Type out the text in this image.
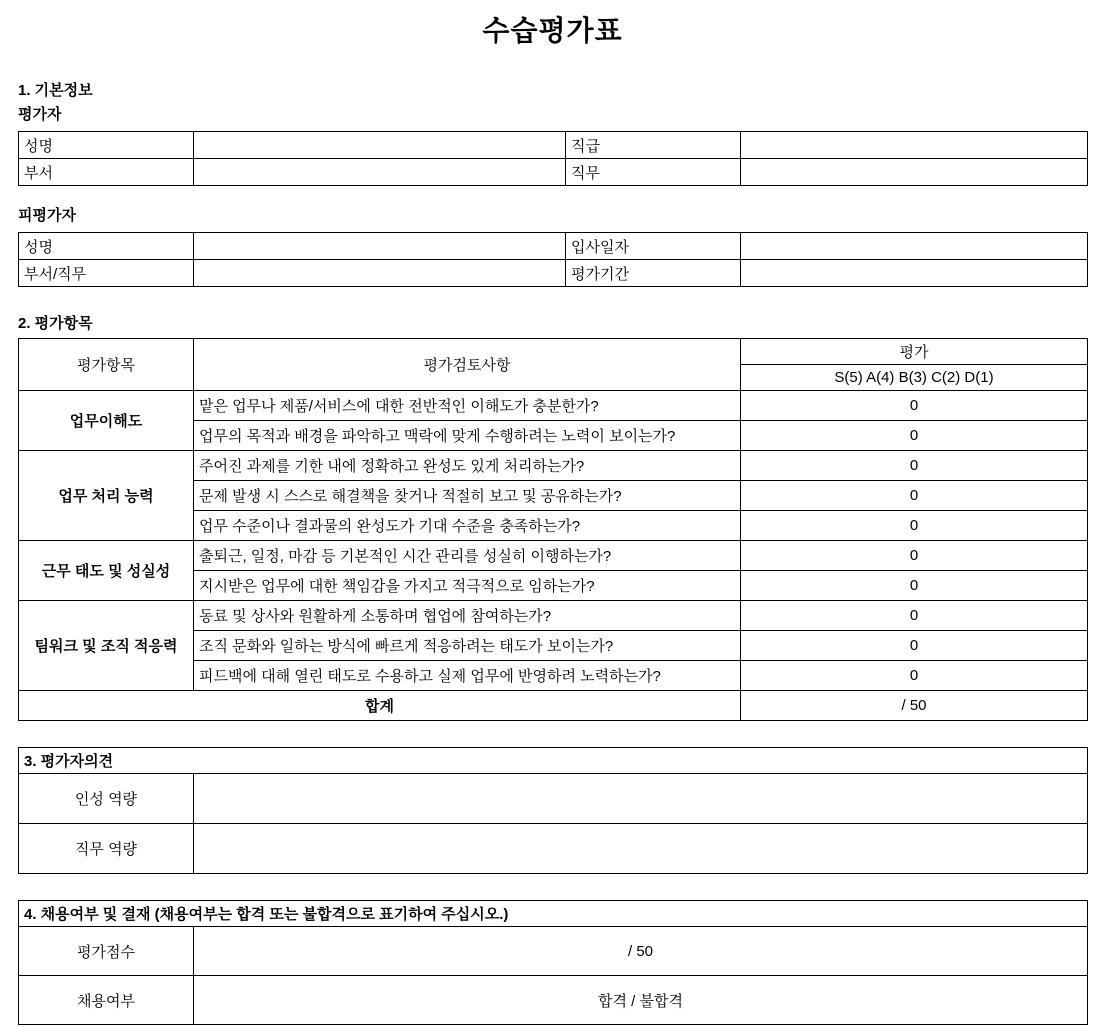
수습평가표
1. 기본정보
평가자
성명		직급	
부서		직무	
피평가자
성명		입사일자	
부서/직무		평가기간	
2. 평가항목
평가항목	평가검토사항	평가
		S(5) A(4) B(3) C(2) D(1)
업무이해도	맡은 업무나 제품/서비스에 대한 전반적인 이해도가 충분한가?	0
	업무의 목적과 배경을 파악하고 맥락에 맞게 수행하려는 노력이 보이는가?	0
업무 처리 능력	주어진 과제를 기한 내에 정확하고 완성도 있게 처리하는가?	0
	문제 발생 시 스스로 해결책을 찾거나 적절히 보고 및 공유하는가?	0
	업무 수준이나 결과물의 완성도가 기대 수준을 충족하는가?	0
근무 태도 및 성실성	출퇴근, 일정, 마감 등 기본적인 시간 관리를 성실히 이행하는가?	0
	지시받은 업무에 대한 책임감을 가지고 적극적으로 임하는가?	0
팀워크 및 조직 적응력	동료 및 상사와 원활하게 소통하며 협업에 참여하는가?	0
	조직 문화와 일하는 방식에 빠르게 적응하려는 태도가 보이는가?	0
	피드백에 대해 열린 태도로 수용하고 실제 업무에 반영하려 노력하는가?	0
합계		/ 50
3. 평가자의견	
인성 역량	
직무 역량	
4. 채용여부 및 결재 (채용여부는 합격 또는 불합격으로 표기하여 주십시오.)	
평가점수	/ 50
채용여부	합격 / 불합격
